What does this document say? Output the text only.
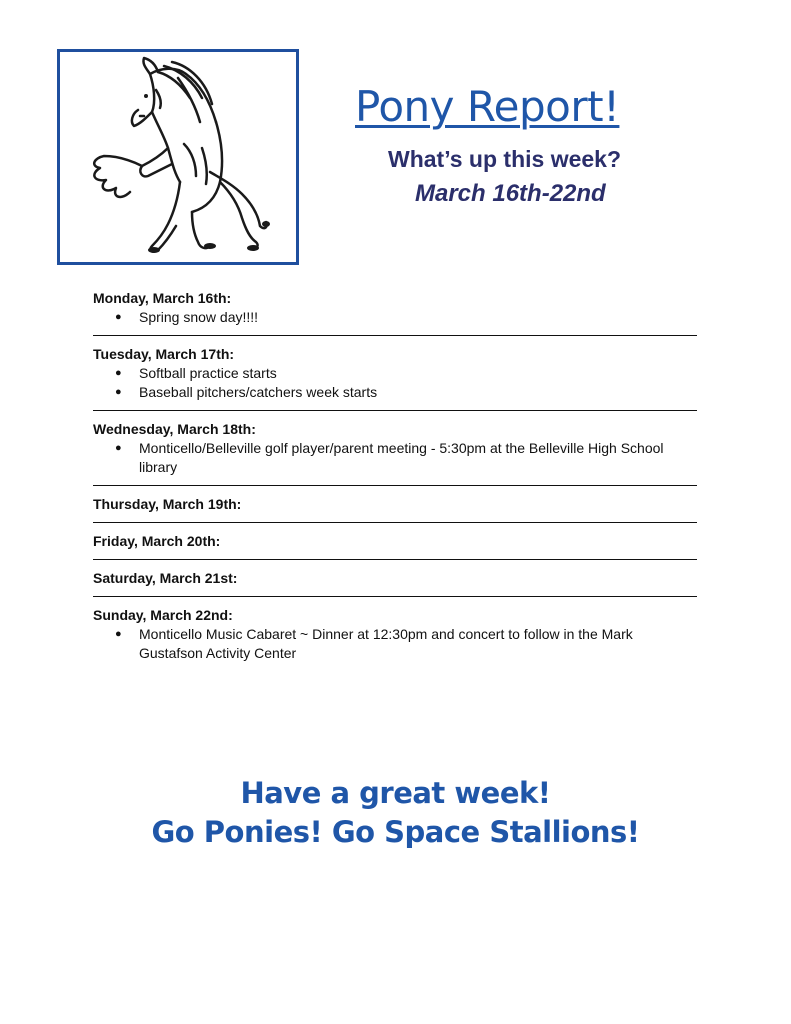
Pony Report!
What’s up this week?
March 16th-22nd
Monday, March 16th:
● Spring snow day!!!!
Tuesday, March 17th:
● Softball practice starts
● Baseball pitchers/catchers week starts
Wednesday, March 18th:
● Monticello/Belleville golf player/parent meeting - 5:30pm at the Belleville High School library
Thursday, March 19th:
Friday, March 20th:
Saturday, March 21st:
Sunday, March 22nd:
● Monticello Music Cabaret ~ Dinner at 12:30pm and concert to follow in the Mark Gustafson Activity Center
Have a great week!
Go Ponies! Go Space Stallions!
